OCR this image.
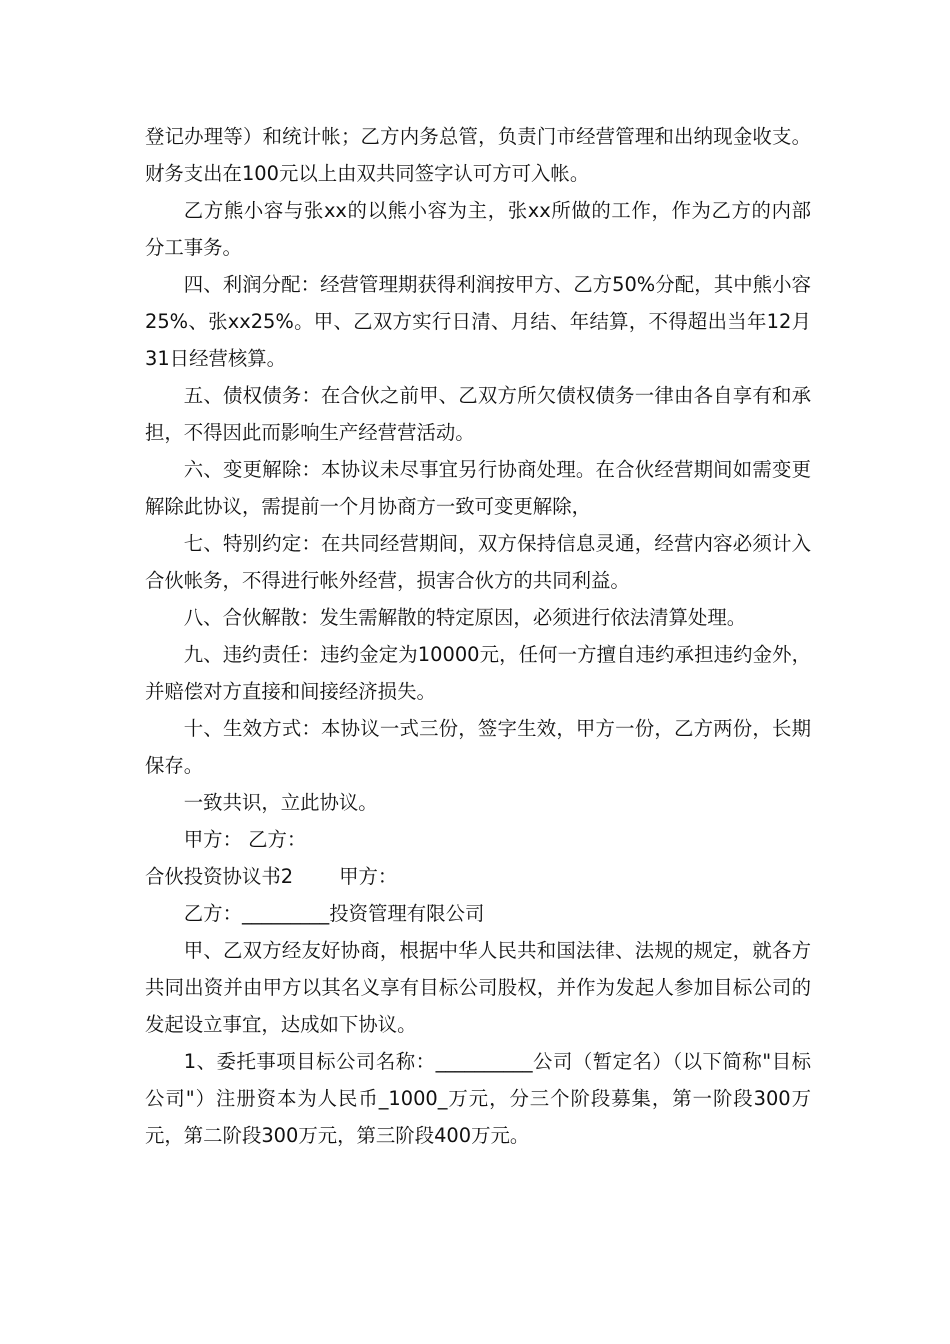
登记办理等）和统计帐；乙方内务总管，负责门市经营管理和出纳现金收支。财务支出在100元以上由双共同签字认可方可入帐。

乙方熊小容与张xx的以熊小容为主，张xx所做的工作，作为乙方的内部分工事务。

四、利润分配：经营管理期获得利润按甲方、乙方50%分配，其中熊小容25%、张xx25%。甲、乙双方实行日清、月结、年结算，不得超出当年12月31日经营核算。

五、债权债务：在合伙之前甲、乙双方所欠债权债务一律由各自享有和承担，不得因此而影响生产经营营活动。

六、变更解除：本协议未尽事宜另行协商处理。在合伙经营期间如需变更解除此协议，需提前一个月协商方一致可变更解除，

七、特别约定：在共同经营期间，双方保持信息灵通，经营内容必须计入合伙帐务，不得进行帐外经营，损害合伙方的共同利益。

八、合伙解散：发生需解散的特定原因，必须进行依法清算处理。

九、违约责任：违约金定为10000元，任何一方擅自违约承担违约金外，并赔偿对方直接和间接经济损失。

十、生效方式：本协议一式三份，签字生效，甲方一份，乙方两份，长期保存。

一致共识，立此协议。

甲方： 乙方：

合伙投资协议书2 甲方：

乙方：_________投资管理有限公司

甲、乙双方经友好协商，根据中华人民共和国法律、法规的规定，就各方共同出资并由甲方以其名义享有目标公司股权，并作为发起人参加目标公司的发起设立事宜，达成如下协议。

1、委托事项目标公司名称：__________公司（暂定名）（以下简称"目标公司"）注册资本为人民币_1000_万元，分三个阶段募集，第一阶段300万元，第二阶段300万元，第三阶段400万元。
